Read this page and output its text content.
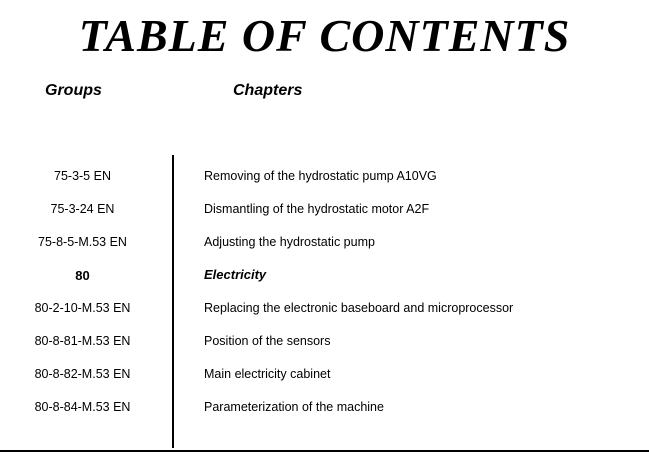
TABLE OF CONTENTS
Groups	Chapters
75-3-5 EN	Removing of the hydrostatic pump A10VG
75-3-24 EN	Dismantling of the hydrostatic motor A2F
75-8-5-M.53 EN	Adjusting the hydrostatic pump
80	Electricity
80-2-10-M.53 EN	Replacing the electronic baseboard and microprocessor
80-8-81-M.53 EN	Position of the sensors
80-8-82-M.53 EN	Main electricity cabinet
80-8-84-M.53 EN	Parameterization of the machine
